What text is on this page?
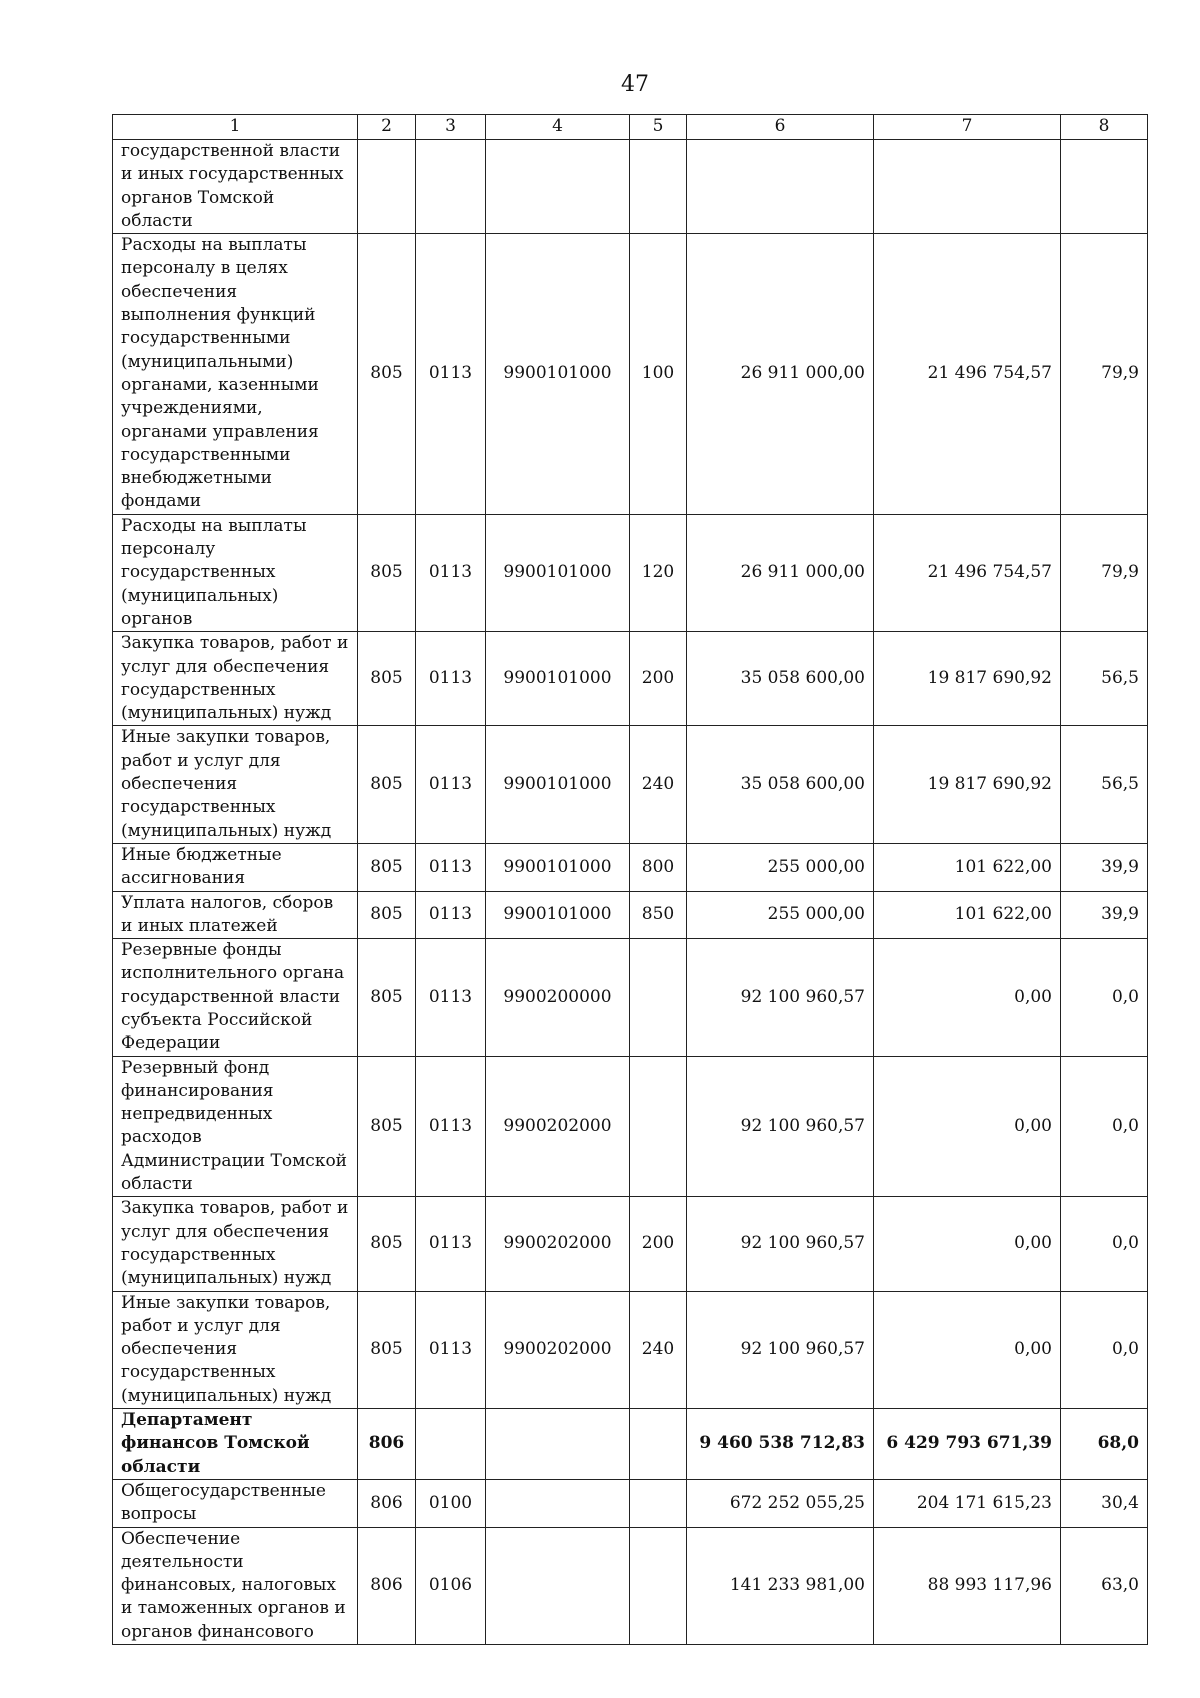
47
1	2	3	4	5	6	7	8
государственной власти и иных государственных органов Томской области							
Расходы на выплаты персоналу в целях обеспечения выполнения функций государственными (муниципальными) органами, казенными учреждениями, органами управления государственными внебюджетными фондами	805	0113	9900101000	100	26 911 000,00	21 496 754,57	79,9
Расходы на выплаты персоналу государственных (муниципальных) органов	805	0113	9900101000	120	26 911 000,00	21 496 754,57	79,9
Закупка товаров, работ и услуг для обеспечения государственных (муниципальных) нужд	805	0113	9900101000	200	35 058 600,00	19 817 690,92	56,5
Иные закупки товаров, работ и услуг для обеспечения государственных (муниципальных) нужд	805	0113	9900101000	240	35 058 600,00	19 817 690,92	56,5
Иные бюджетные ассигнования	805	0113	9900101000	800	255 000,00	101 622,00	39,9
Уплата налогов, сборов и иных платежей	805	0113	9900101000	850	255 000,00	101 622,00	39,9
Резервные фонды исполнительного органа государственной власти субъекта Российской Федерации	805	0113	9900200000		92 100 960,57	0,00	0,0
Резервный фонд финансирования непредвиденных расходов Администрации Томской области	805	0113	9900202000		92 100 960,57	0,00	0,0
Закупка товаров, работ и услуг для обеспечения государственных (муниципальных) нужд	805	0113	9900202000	200	92 100 960,57	0,00	0,0
Иные закупки товаров, работ и услуг для обеспечения государственных (муниципальных) нужд	805	0113	9900202000	240	92 100 960,57	0,00	0,0
Департамент финансов Томской области	806				9 460 538 712,83	6 429 793 671,39	68,0
Общегосударственные вопросы	806	0100			672 252 055,25	204 171 615,23	30,4
Обеспечение деятельности финансовых, налоговых и таможенных органов и органов финансового	806	0106			141 233 981,00	88 993 117,96	63,0
